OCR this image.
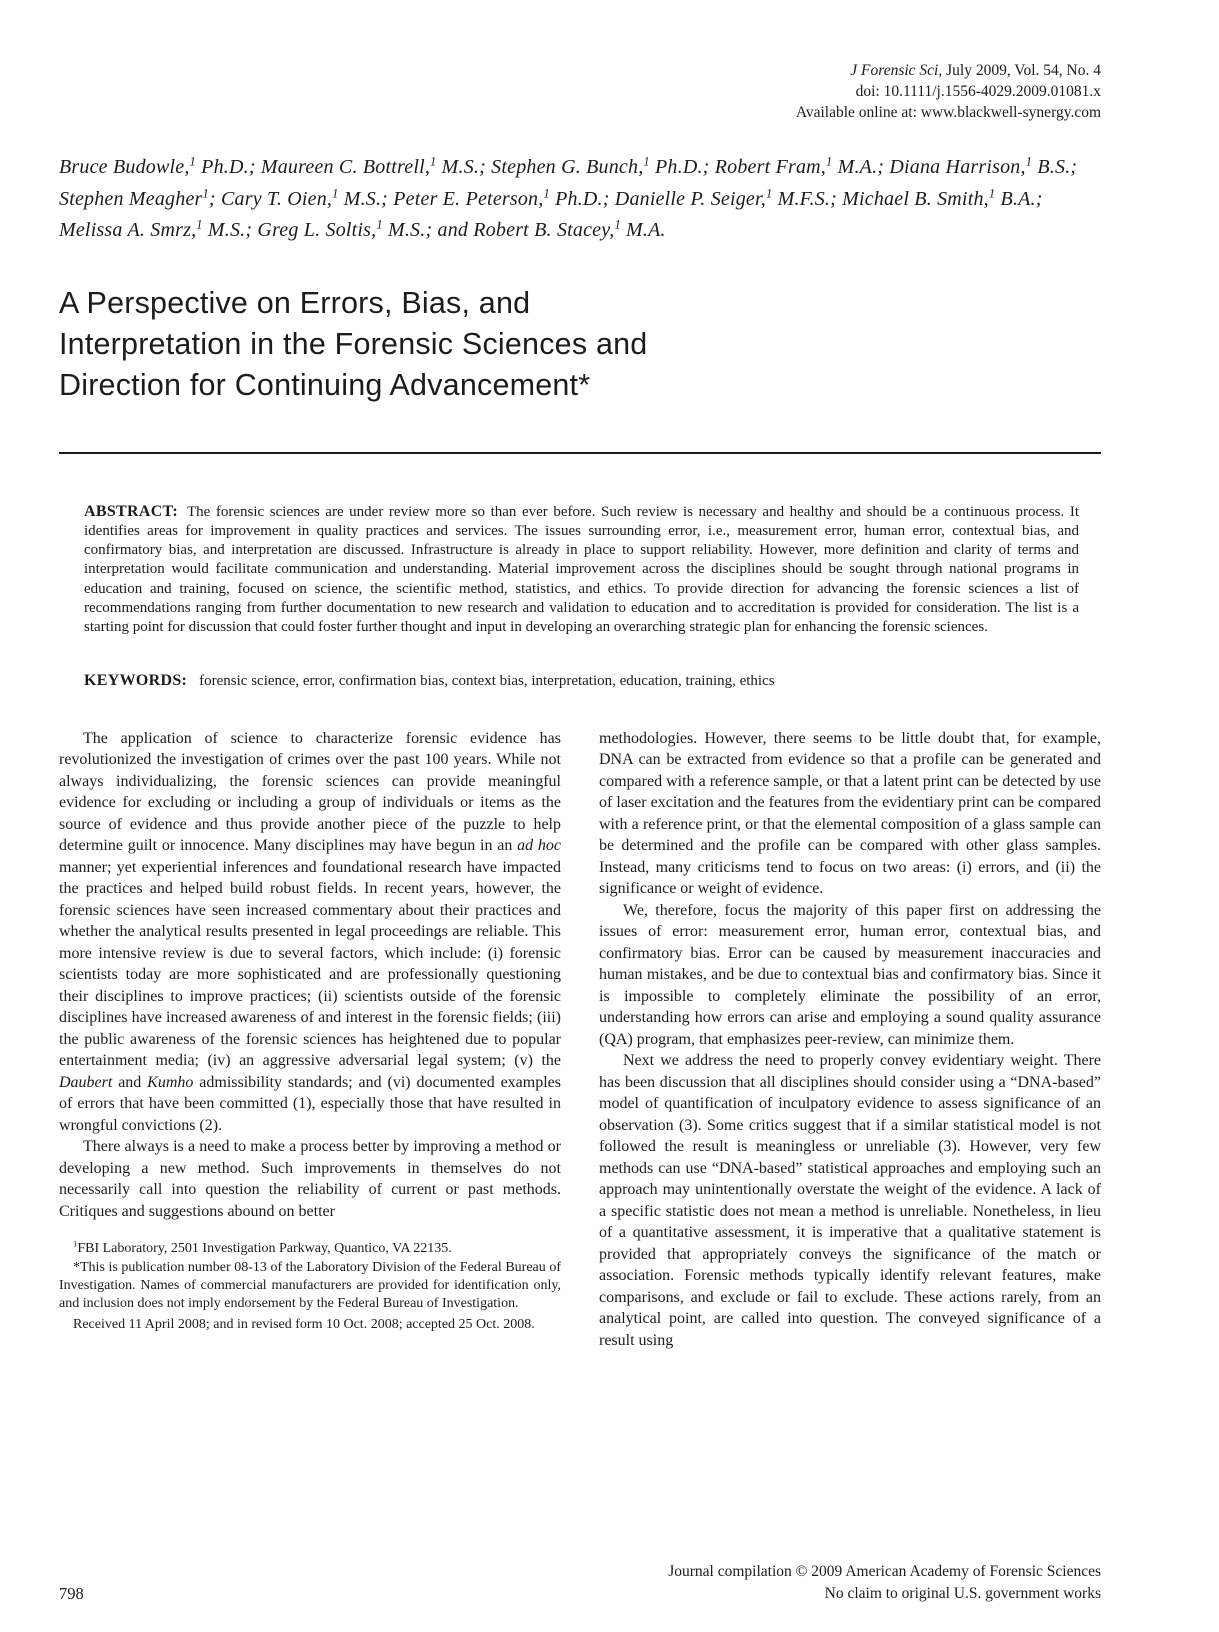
J Forensic Sci, July 2009, Vol. 54, No. 4
doi: 10.1111/j.1556-4029.2009.01081.x
Available online at: www.blackwell-synergy.com
Bruce Budowle,$^1$ Ph.D.; Maureen C. Bottrell,$^1$ M.S.; Stephen G. Bunch,$^1$ Ph.D.; Robert Fram,$^1$ M.A.; Diana Harrison,$^1$ B.S.; Stephen Meagher$^1$; Cary T. Oien,$^1$ M.S.; Peter E. Peterson,$^1$ Ph.D.; Danielle P. Seiger,$^1$ M.F.S.; Michael B. Smith,$^1$ B.A.; Melissa A. Smrz,$^1$ M.S.; Greg L. Soltis,$^1$ M.S.; and Robert B. Stacey,$^1$ M.A.
A Perspective on Errors, Bias, and
Interpretation in the Forensic Sciences and
Direction for Continuing Advancement*
ABSTRACT: The forensic sciences are under review more so than ever before. Such review is necessary and healthy and should be a continuous process. It identifies areas for improvement in quality practices and services. The issues surrounding error, i.e., measurement error, human error, contextual bias, and confirmatory bias, and interpretation are discussed. Infrastructure is already in place to support reliability. However, more definition and clarity of terms and interpretation would facilitate communication and understanding. Material improvement across the disciplines should be sought through national programs in education and training, focused on science, the scientific method, statistics, and ethics. To provide direction for advancing the forensic sciences a list of recommendations ranging from further documentation to new research and validation to education and to accreditation is provided for consideration. The list is a starting point for discussion that could foster further thought and input in developing an overarching strategic plan for enhancing the forensic sciences.
KEYWORDS: forensic science, error, confirmation bias, context bias, interpretation, education, training, ethics

The application of science to characterize forensic evidence has revolutionized the investigation of crimes over the past 100 years. While not always individualizing, the forensic sciences can provide meaningful evidence for excluding or including a group of individuals or items as the source of evidence and thus provide another piece of the puzzle to help determine guilt or innocence. Many disciplines may have begun in an ad hoc manner; yet experiential inferences and foundational research have impacted the practices and helped build robust fields. In recent years, however, the forensic sciences have seen increased commentary about their practices and whether the analytical results presented in legal proceedings are reliable. This more intensive review is due to several factors, which include: (i) forensic scientists today are more sophisticated and are professionally questioning their disciplines to improve practices; (ii) scientists outside of the forensic disciplines have increased awareness of and interest in the forensic fields; (iii) the public awareness of the forensic sciences has heightened due to popular entertainment media; (iv) an aggressive adversarial legal system; (v) the Daubert and Kumho admissibility standards; and (vi) documented examples of errors that have been committed (1), especially those that have resulted in wrongful convictions (2).

There always is a need to make a process better by improving a method or developing a new method. Such improvements in themselves do not necessarily call into question the reliability of current or past methods. Critiques and suggestions abound on better

$^1$FBI Laboratory, 2501 Investigation Parkway, Quantico, VA 22135.

*This is publication number 08-13 of the Laboratory Division of the Federal Bureau of Investigation. Names of commercial manufacturers are provided for identification only, and inclusion does not imply endorsement by the Federal Bureau of Investigation.

Received 11 April 2008; and in revised form 10 Oct. 2008; accepted 25 Oct. 2008.

methodologies. However, there seems to be little doubt that, for example, DNA can be extracted from evidence so that a profile can be generated and compared with a reference sample, or that a latent print can be detected by use of laser excitation and the features from the evidentiary print can be compared with a reference print, or that the elemental composition of a glass sample can be determined and the profile can be compared with other glass samples. Instead, many criticisms tend to focus on two areas: (i) errors, and (ii) the significance or weight of evidence.

We, therefore, focus the majority of this paper first on addressing the issues of error: measurement error, human error, contextual bias, and confirmatory bias. Error can be caused by measurement inaccuracies and human mistakes, and be due to contextual bias and confirmatory bias. Since it is impossible to completely eliminate the possibility of an error, understanding how errors can arise and employing a sound quality assurance (QA) program, that emphasizes peer-review, can minimize them.

Next we address the need to properly convey evidentiary weight. There has been discussion that all disciplines should consider using a “DNA-based” model of quantification of inculpatory evidence to assess significance of an observation (3). Some critics suggest that if a similar statistical model is not followed the result is meaningless or unreliable (3). However, very few methods can use “DNA-based” statistical approaches and employing such an approach may unintentionally overstate the weight of the evidence. A lack of a specific statistic does not mean a method is unreliable. Nonetheless, in lieu of a quantitative assessment, it is imperative that a qualitative statement is provided that appropriately conveys the significance of the match or association. Forensic methods typically identify relevant features, make comparisons, and exclude or fail to exclude. These actions rarely, from an analytical point, are called into question. The conveyed significance of a result using

798
Journal compilation © 2009 American Academy of Forensic Sciences
No claim to original U.S. government works
